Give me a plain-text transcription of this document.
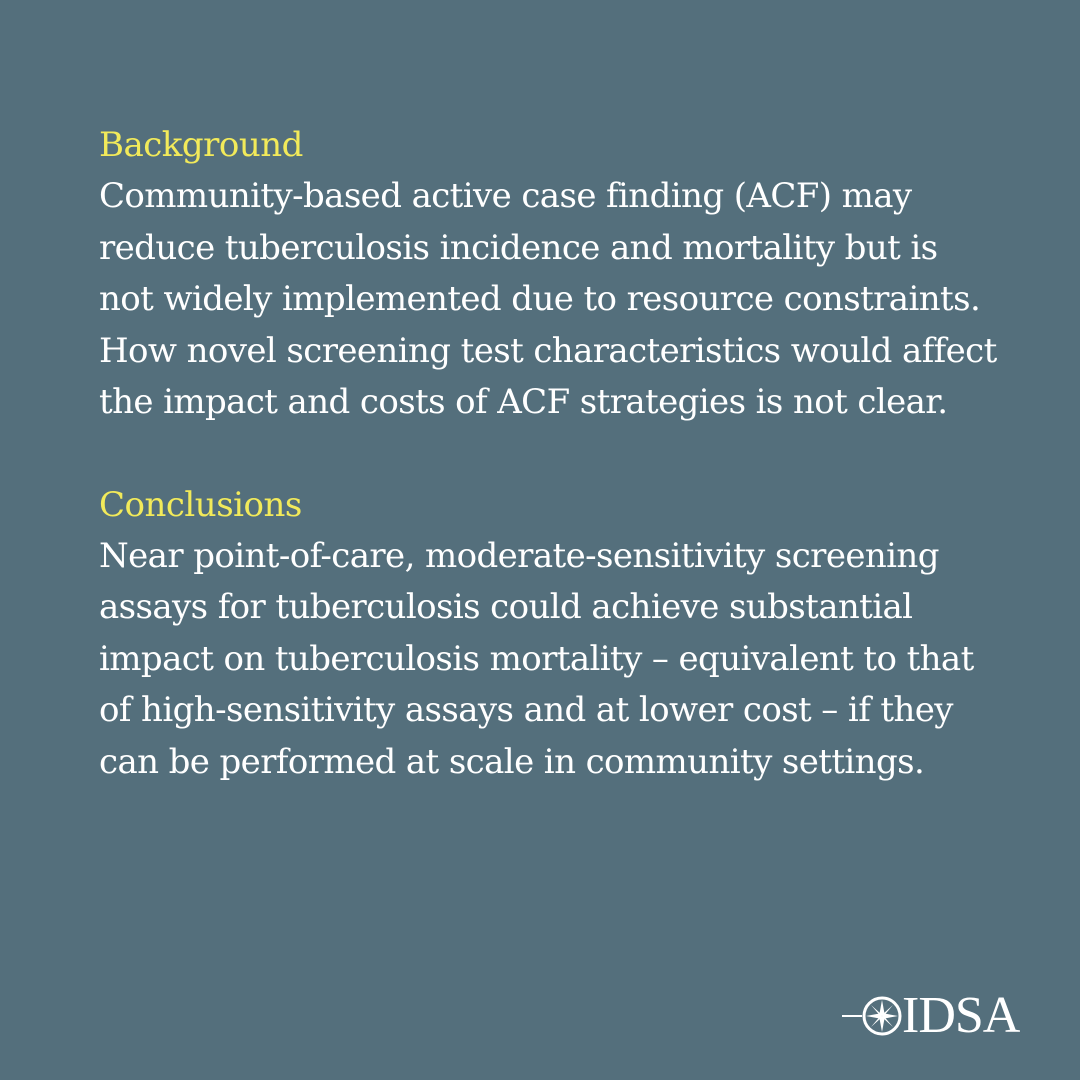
Background

Community-based active case finding (ACF) may reduce tuberculosis incidence and mortality but is not widely implemented due to resource constraints. How novel screening test characteristics would affect the impact and costs of ACF strategies is not clear.

Conclusions

Near point-of-care, moderate-sensitivity screening assays for tuberculosis could achieve substantial impact on tuberculosis mortality – equivalent to that of high-sensitivity assays and at lower cost – if they can be performed at scale in community settings.

IDSA
